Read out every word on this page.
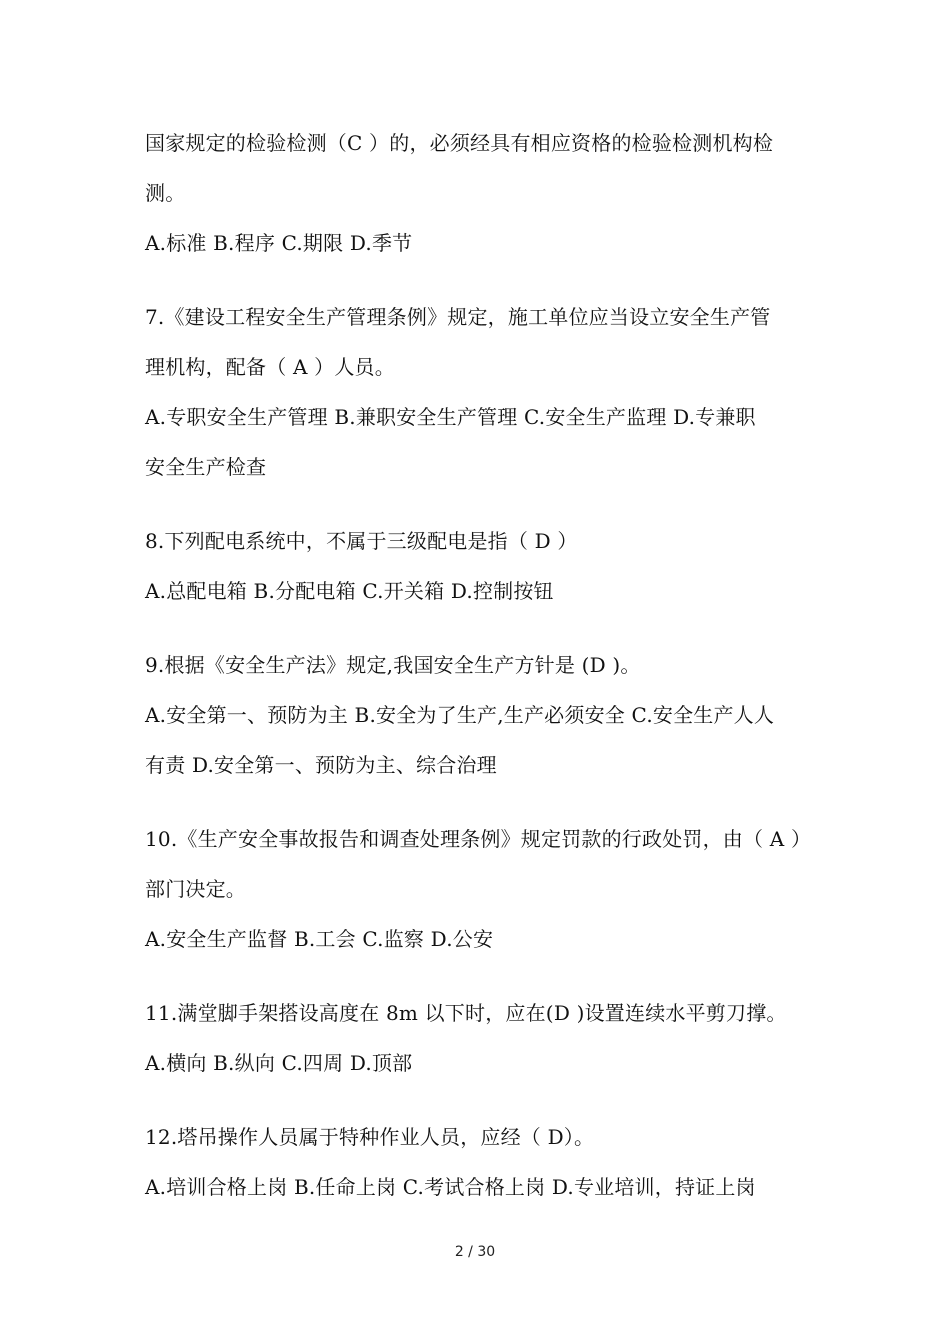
国家规定的检验检测（C ）的，必须经具有相应资格的检验检测机构检
测。
A.标准 B.程序 C.期限 D.季节
7.《建设工程安全生产管理条例》规定，施工单位应当设立安全生产管
理机构，配备（ A ）人员。
A.专职安全生产管理 B.兼职安全生产管理 C.安全生产监理 D.专兼职
安全生产检查
8.下列配电系统中，不属于三级配电是指（ D ）
A.总配电箱 B.分配电箱 C.开关箱 D.控制按钮
9.根据《安全生产法》规定,我国安全生产方针是 (D )。
A.安全第一、预防为主 B.安全为了生产,生产必须安全 C.安全生产人人
有责 D.安全第一、预防为主、综合治理
10.《生产安全事故报告和调查处理条例》规定罚款的行政处罚，由（ A ）
部门决定。
A.安全生产监督 B.工会 C.监察 D.公安
11.满堂脚手架搭设高度在 8m 以下时，应在(D )设置连续水平剪刀撑。
A.横向 B.纵向 C.四周 D.顶部
12.塔吊操作人员属于特种作业人员，应经（ D）。
A.培训合格上岗 B.任命上岗 C.考试合格上岗 D.专业培训，持证上岗
2 / 30
